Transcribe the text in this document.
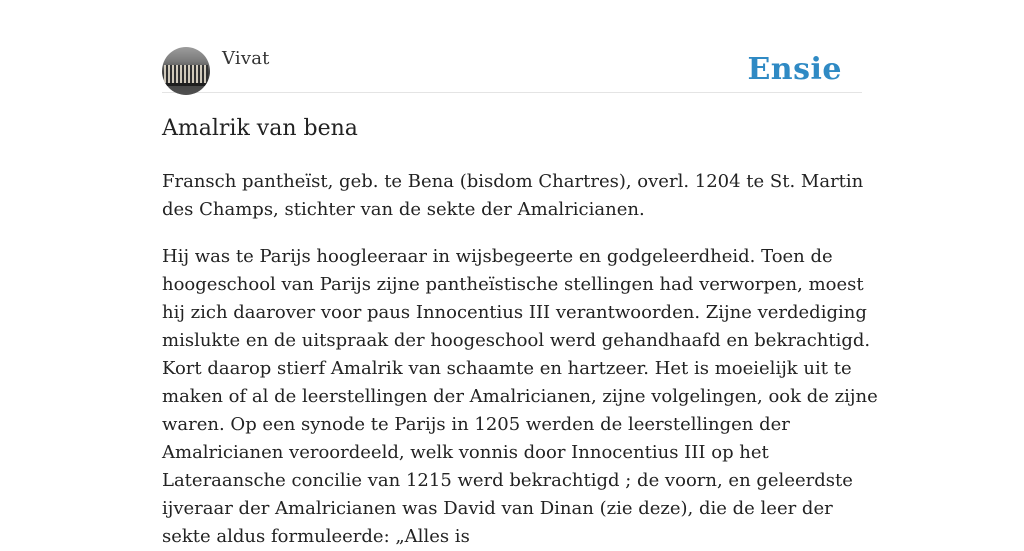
Vivat	Ensie
Amalrik van bena

Fransch pantheïst, geb. te Bena (bisdom Chartres), overl. 1204 te St. Martin des Champs, stichter van de sekte der Amalricianen.

Hij was te Parijs hoogleeraar in wijsbegeerte en godgeleerdheid. Toen de hoogeschool van Parijs zijne pantheïstische stellingen had verworpen, moest hij zich daarover voor paus Innocentius III verantwoorden. Zijne verdediging mislukte en de uitspraak der hoogeschool werd gehandhaafd en bekrachtigd. Kort daarop stierf Amalrik van schaamte en hartzeer. Het is moeielijk uit te maken of al de leerstellingen der Amalricianen, zijne volgelingen, ook de zijne waren. Op een synode te Parijs in 1205 werden de leerstellingen der Amalricianen veroordeeld, welk vonnis door Innocentius III op het Lateraansche concilie van 1215 werd bekrachtigd ; de voorn, en geleerdste ijveraar der Amalricianen was David van Dinan (zie deze), die de leer der sekte aldus formuleerde: „Alles is
